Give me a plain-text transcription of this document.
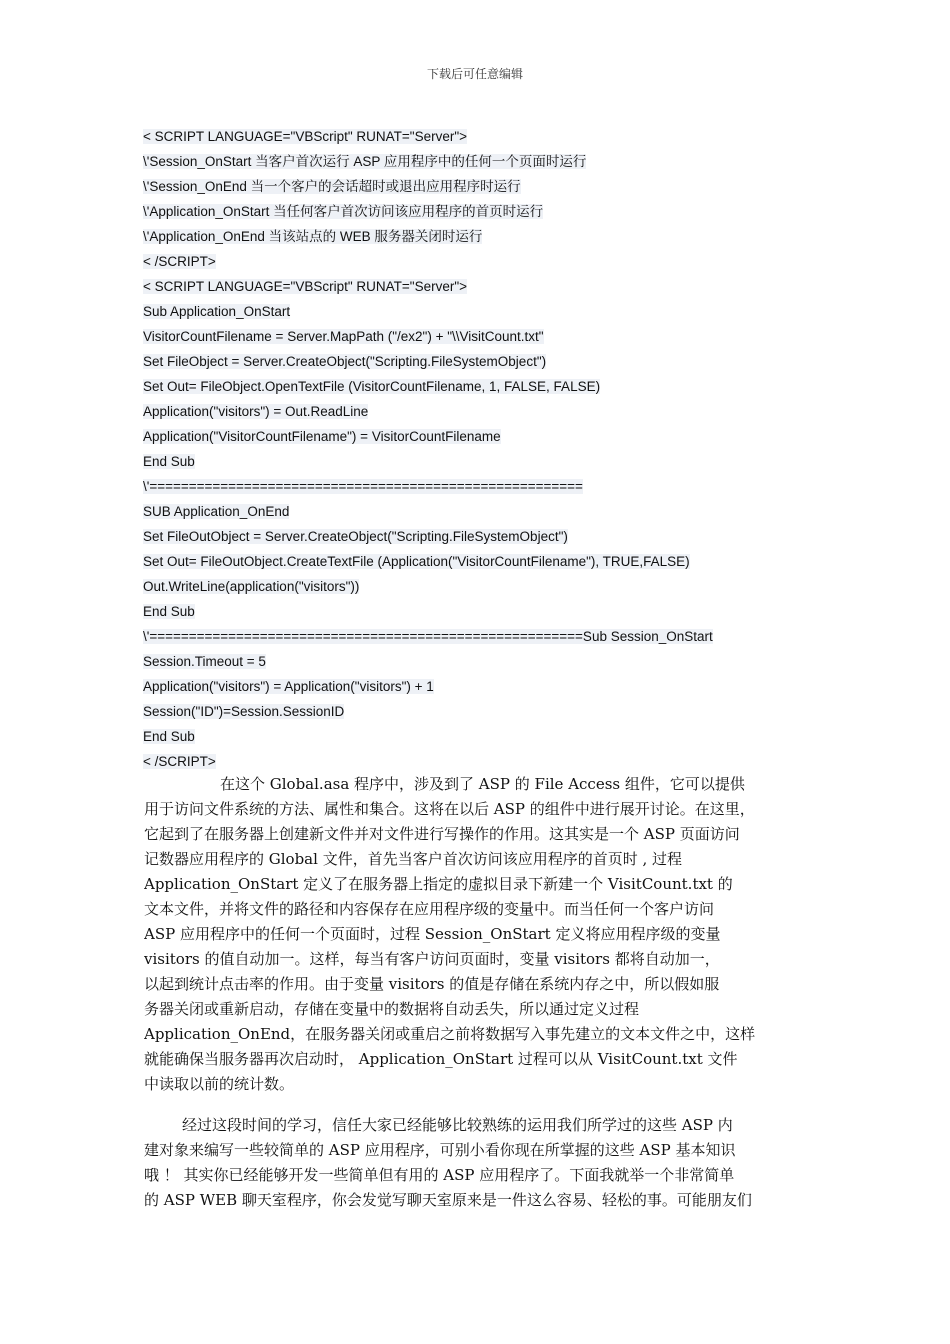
下载后可任意编辑
< SCRIPT LANGUAGE="VBScript" RUNAT="Server">
\'Session_OnStart 当客户首次运行 ASP 应用程序中的任何一个页面时运行
\'Session_OnEnd 当一个客户的会话超时或退出应用程序时运行
\'Application_OnStart 当任何客户首次访问该应用程序的首页时运行
\'Application_OnEnd 当该站点的 WEB 服务器关闭时运行
< /SCRIPT>
< SCRIPT LANGUAGE="VBScript" RUNAT="Server">
Sub Application_OnStart
VisitorCountFilename = Server.MapPath ("/ex2") + "\\VisitCount.txt"
Set FileObject = Server.CreateObject("Scripting.FileSystemObject")
Set Out= FileObject.OpenTextFile (VisitorCountFilename, 1, FALSE, FALSE)
Application("visitors") = Out.ReadLine
Application("VisitorCountFilename") = VisitorCountFilename
End Sub
\'=======================================================
SUB Application_OnEnd
Set FileOutObject = Server.CreateObject("Scripting.FileSystemObject")
Set Out= FileOutObject.CreateTextFile (Application("VisitorCountFilename"), TRUE,FALSE)
Out.WriteLine(application("visitors"))
End Sub
\'=======================================================Sub Session_OnStart
Session.Timeout = 5
Application("visitors") = Application("visitors") + 1
Session("ID")=Session.SessionID
End Sub
< /SCRIPT>
在这个 Global.asa 程序中，涉及到了 ASP 的 File Access 组件，它可以提供
用于访问文件系统的方法、属性和集合。这将在以后 ASP 的组件中进行展开讨论。在这里，
它起到了在服务器上创建新文件并对文件进行写操作的作用。这其实是一个 ASP 页面访问
记数器应用程序的 Global 文件，首先当客户首次访问该应用程序的首页时 , 过程
Application_OnStart 定义了在服务器上指定的虚拟目录下新建一个 VisitCount.txt 的
文本文件，并将文件的路径和内容保存在应用程序级的变量中。而当任何一个客户访问
ASP 应用程序中的任何一个页面时，过程 Session_OnStart 定义将应用程序级的变量
visitors 的值自动加一。这样，每当有客户访问页面时，变量 visitors 都将自动加一，
以起到统计点击率的作用。由于变量 visitors 的值是存储在系统内存之中，所以假如服
务器关闭或重新启动，存储在变量中的数据将自动丢失，所以通过定义过程
Application_OnEnd，在服务器关闭或重启之前将数据写入事先建立的文本文件之中，这样
就能确保当服务器再次启动时， Application_OnStart 过程可以从 VisitCount.txt 文件
中读取以前的统计数。
经过这段时间的学习，信任大家已经能够比较熟练的运用我们所学过的这些 ASP 内
建对象来编写一些较简单的 ASP 应用程序，可别小看你现在所掌握的这些 ASP 基本知识
哦 ！ 其实你已经能够开发一些简单但有用的 ASP 应用程序了。下面我就举一个非常简单
的 ASP WEB 聊天室程序，你会发觉写聊天室原来是一件这么容易、轻松的事。可能朋友们
